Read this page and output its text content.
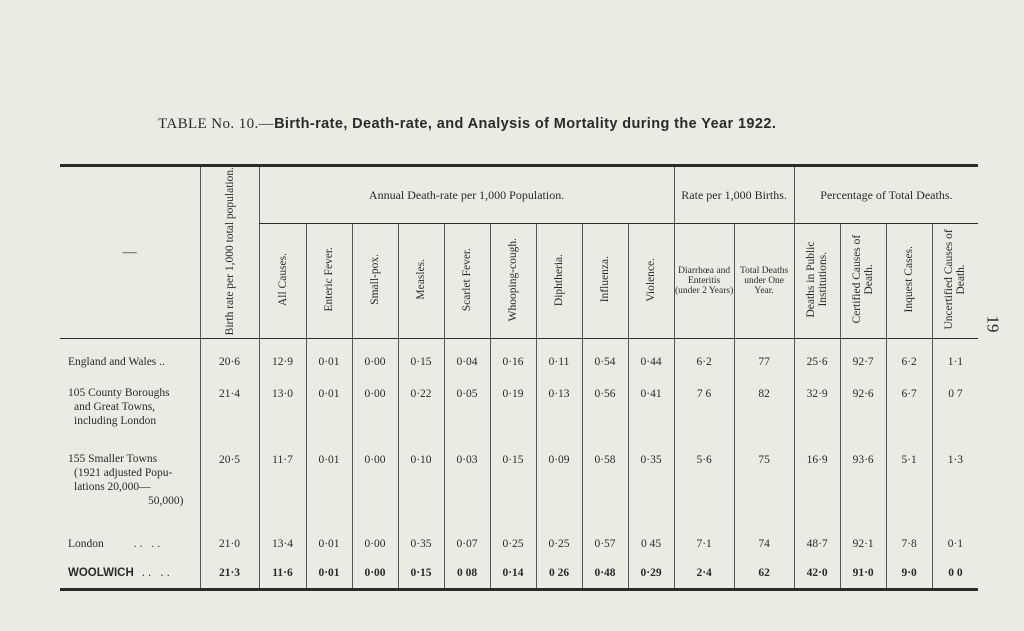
TABLE No. 10.—Birth-rate, Death-rate, and Analysis of Mortality during the Year 1922.
19
—	Birth rate per 1,000 total population.	Annual Death-rate per 1,000 Population.									Rate per 1,000 Births.		Percentage of Total Deaths.			
		All Causes.	Enteric Fever.	Small-pox.	Measles.	Scarlet Fever.	Whooping-cough.	Diphtheria.	Influenza.	Violence.	Diarrhœa and Enteritis (under 2 Years)	Total Deaths under One Year.	Deaths in Public Institutions.	Certified Causes of Death.	Inquest Cases.	Uncertified Causes of Death.

England and Wales ..	20·6	12·9	0·01	0·00	0·15	0·04	0·16	0·11	0·54	0·44	6·2	77	25·6	92·7	6·2	1·1

105 County Boroughs
and Great Towns,
including London	21·4	13·0	0·01	0·00	0·22	0·05	0·19	0·13	0·56	0·41	7 6	82	32·9	92·6	6·7	0 7

155 Smaller Towns
(1921 adjusted Popu-
lations 20,000—
50,000)	20·5	11·7	0·01	0·00	0·10	0·03	0·15	0·09	0·58	0·35	5·6	75	16·9	93·6	5·1	1·3

London .. ..	21·0	13·4	0·01	0·00	0·35	0·07	0·25	0·25	0·57	0 45	7·1	74	48·7	92·1	7·8	0·1

WOOLWICH .. ..	21·3	11·6	0·01	0·00	0·15	0 08	0·14	0 26	0·48	0·29	2·4	62	42·0	91·0	9·0	0 0
